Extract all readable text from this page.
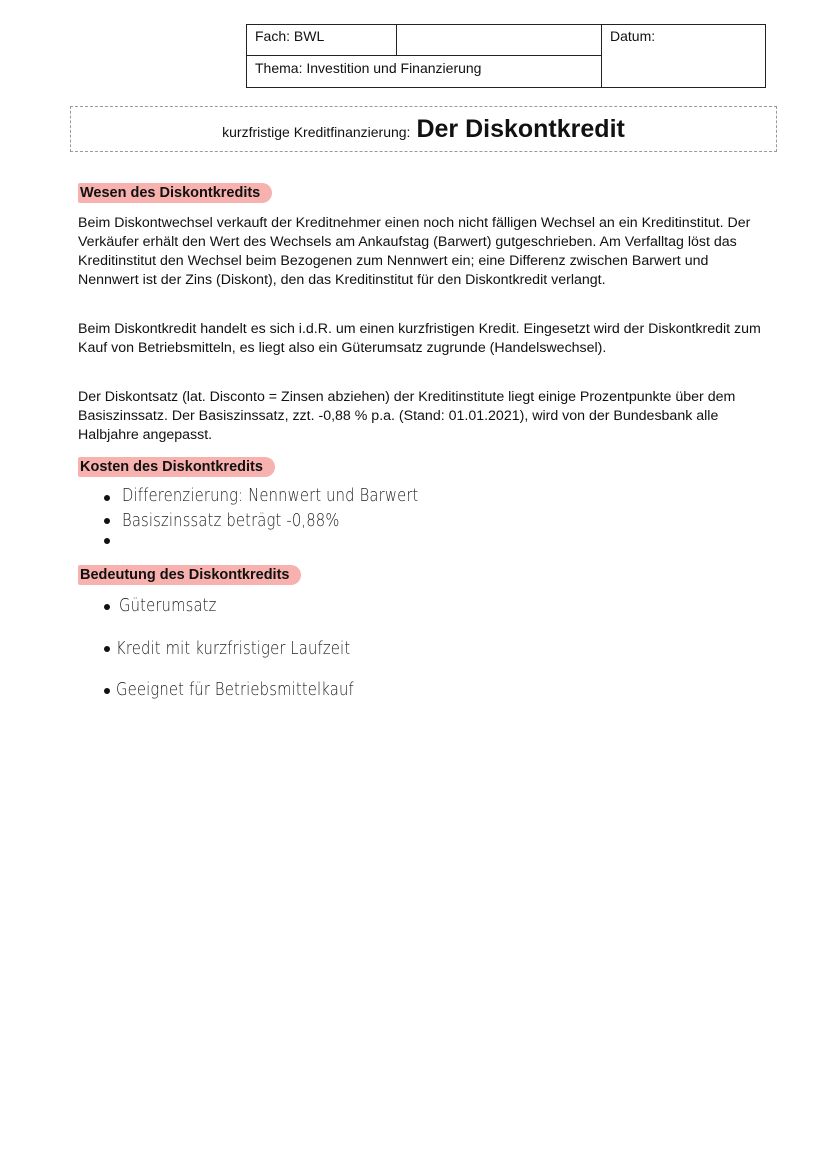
Fach: BWL
Thema: Investition und Finanzierung
Datum:
kurzfristige Kreditfinanzierung: Der Diskontkredit
Wesen des Diskontkredits

Beim Diskontwechsel verkauft der Kreditnehmer einen noch nicht fälligen Wechsel an ein Kreditinstitut. Der Verkäufer erhält den Wert des Wechsels am Ankaufstag (Barwert) gutgeschrieben. Am Verfalltag löst das Kreditinstitut den Wechsel beim Bezogenen zum Nennwert ein; eine Differenz zwischen Barwert und Nennwert ist der Zins (Diskont), den das Kreditinstitut für den Diskontkredit verlangt.

Beim Diskontkredit handelt es sich i.d.R. um einen kurzfristigen Kredit. Eingesetzt wird der Diskontkredit zum Kauf von Betriebsmitteln, es liegt also ein Güterumsatz zugrunde (Handelswechsel).

Der Diskontsatz (lat. Disconto = Zinsen abziehen) der Kreditinstitute liegt einige Prozentpunkte über dem Basiszinssatz. Der Basiszinssatz, zzt. -0,88 % p.a. (Stand: 01.01.2021), wird von der Bundesbank alle Halbjahre angepasst.

Kosten des Diskontkredits
Differenzierung: Nennwert und Barwert
Basiszinssatz beträgt -0,88%
Bedeutung des Diskontkredits
Güterumsatz
Kredit mit kurzfristiger Laufzeit
Geeignet für Betriebsmittelkauf
